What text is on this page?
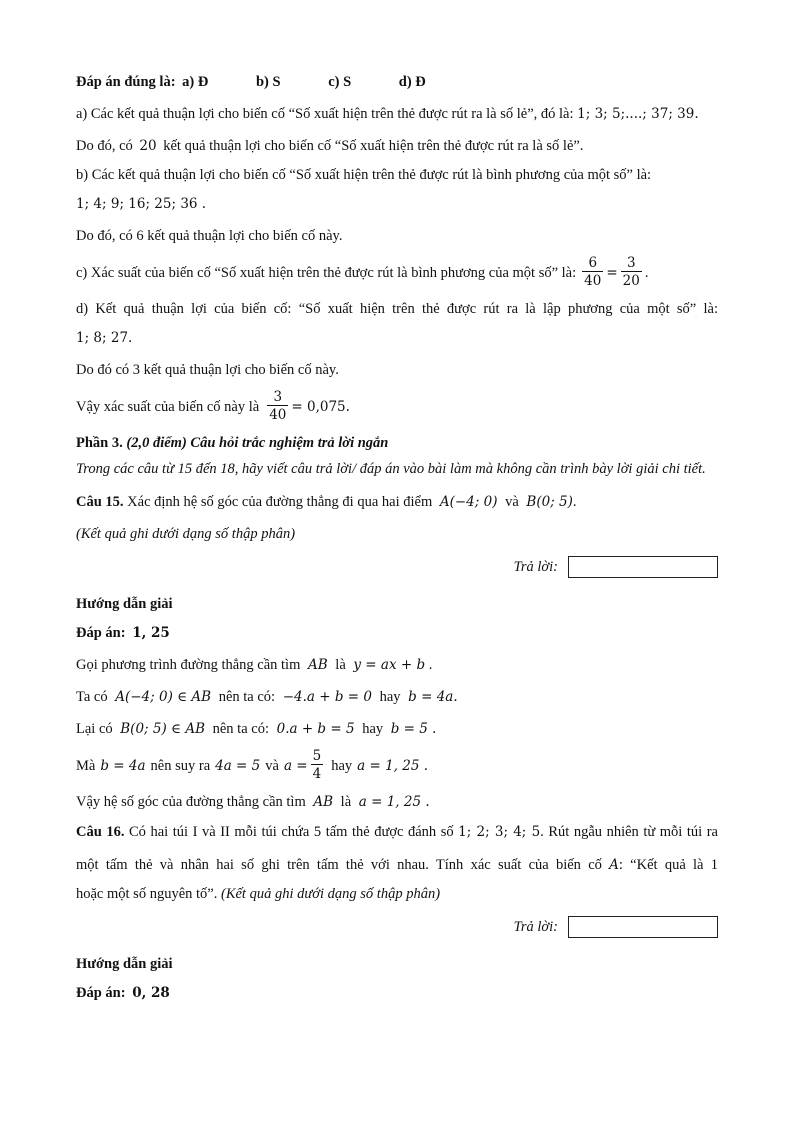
Đáp án đúng là: a) Đ	b) S	c) S	d) Đ

a) Các kết quả thuận lợi cho biến cố “Số xuất hiện trên thẻ được rút ra là số lẻ”, đó là: 1; 3; 5;....; 37; 39.

Do đó, có 20 kết quả thuận lợi cho biến cố “Số xuất hiện trên thẻ được rút ra là số lẻ”.

b) Các kết quả thuận lợi cho biến cố “Số xuất hiện trên thẻ được rút là bình phương của một số” là:

1; 4; 9; 16; 25; 36 .

Do đó, có 6 kết quả thuận lợi cho biến cố này.

c) Xác suất của biến cố “Số xuất hiện trên thẻ được rút là bình phương của một số” là: $\frac{6}{40} = \frac{3}{20}$ .

d) Kết quả thuận lợi của biến cố: “Số xuất hiện trên thẻ được rút ra là lập phương của một số” là:

1; 8; 27.

Do đó có 3 kết quả thuận lợi cho biến cố này.

Vậy xác suất của biến cố này là $\frac{3}{40} = 0,075$.

Phần 3. (2,0 điểm) Câu hỏi trắc nghiệm trả lời ngắn

Trong các câu từ 15 đến 18, hãy viết câu trả lời/ đáp án vào bài làm mà không cần trình bày lời giải chi tiết.

Câu 15. Xác định hệ số góc của đường thẳng đi qua hai điểm A(−4; 0) và B(0; 5).

(Kết quả ghi dưới dạng số thập phân)

Trả lời:

Hướng dẫn giải

Đáp án: 1, 25

Gọi phương trình đường thẳng cần tìm AB là y = ax + b .

Ta có A(−4; 0) ∈ AB nên ta có: −4.a + b = 0 hay b = 4a.

Lại có B(0; 5) ∈ AB nên ta có: 0.a + b = 5 hay b = 5 .

Mà b = 4a nên suy ra 4a = 5 và $a = \frac{5}{4}$ hay a = 1, 25 .

Vậy hệ số góc của đường thẳng cần tìm AB là a = 1, 25 .

Câu 16. Có hai túi I và II mỗi túi chứa 5 tấm thẻ được đánh số 1; 2; 3; 4; 5. Rút ngẫu nhiên từ mỗi túi ra

một tấm thẻ và nhân hai số ghi trên tấm thẻ với nhau. Tính xác suất của biến cố A: “Kết quả là 1

hoặc một số nguyên tố”. (Kết quả ghi dưới dạng số thập phân)

Trả lời:

Hướng dẫn giải

Đáp án: 0, 28
